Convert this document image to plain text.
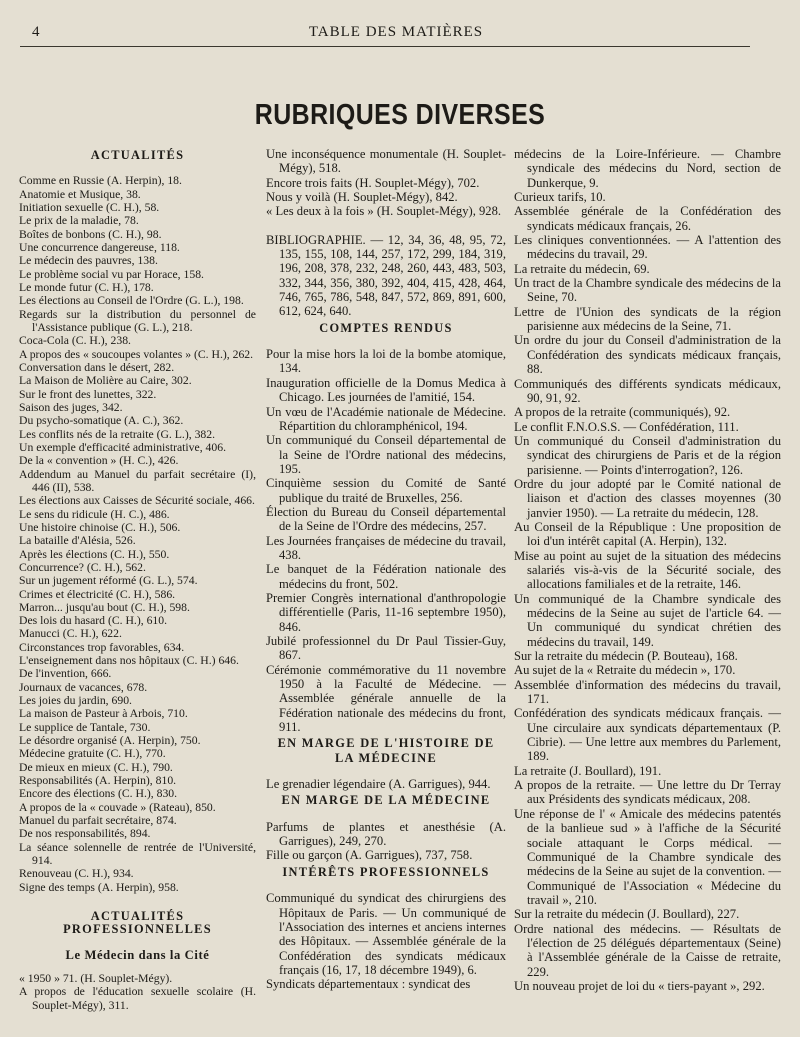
4	TABLE DES MATIÈRES
RUBRIQUES DIVERSES
ACTUALITÉS
Comme en Russie (A. Herpin), 18.
Anatomie et Musique, 38.
Initiation sexuelle (C. H.), 58.
Le prix de la maladie, 78.
Boîtes de bonbons (C. H.), 98.
Une concurrence dangereuse, 118.
Le médecin des pauvres, 138.
Le problème social vu par Horace, 158.
Le monde futur (C. H.), 178.
Les élections au Conseil de l'Ordre (G. L.), 198.
Regards sur la distribution du personnel de l'Assistance publique (G. L.), 218.
Coca-Cola (C. H.), 238.
A propos des « soucoupes volantes » (C. H.), 262.
Conversation dans le désert, 282.
La Maison de Molière au Caire, 302.
Sur le front des lunettes, 322.
Saison des juges, 342.
Du psycho-somatique (A. C.), 362.
Les conflits nés de la retraite (G. L.), 382.
Un exemple d'efficacité administrative, 406.
De la « convention » (H. C.), 426.
Addendum au Manuel du parfait secrétaire (I), 446 (II), 538.
Les élections aux Caisses de Sécurité sociale, 466.
Le sens du ridicule (H. C.), 486.
Une histoire chinoise (C. H.), 506.
La bataille d'Alésia, 526.
Après les élections (C. H.), 550.
Concurrence? (C. H.), 562.
Sur un jugement réformé (G. L.), 574.
Crimes et électricité (C. H.), 586.
Marron... jusqu'au bout (C. H.), 598.
Des lois du hasard (C. H.), 610.
Manucci (C. H.), 622.
Circonstances trop favorables, 634.
L'enseignement dans nos hôpitaux (C. H.) 646.
De l'invention, 666.
Journaux de vacances, 678.
Les joies du jardin, 690.
La maison de Pasteur à Arbois, 710.
Le supplice de Tantale, 730.
Le désordre organisé (A. Herpin), 750.
Médecine gratuite (C. H.), 770.
De mieux en mieux (C. H.), 790.
Responsabilités (A. Herpin), 810.
Encore des élections (C. H.), 830.
A propos de la « couvade » (Rateau), 850.
Manuel du parfait secrétaire, 874.
De nos responsabilités, 894.
La séance solennelle de rentrée de l'Université, 914.
Renouveau (C. H.), 934.
Signe des temps (A. Herpin), 958.
ACTUALITÉS PROFESSIONNELLES
Le Médecin dans la Cité
« 1950 » 71. (H. Souplet-Mégy).
A propos de l'éducation sexuelle scolaire (H. Souplet-Mégy), 311.
Une inconséquence monumentale (H. Souplet-Mégy), 518.
Encore trois faits (H. Souplet-Mégy), 702.
Nous y voilà (H. Souplet-Mégy), 842.
« Les deux à la fois » (H. Souplet-Mégy), 928.
BIBLIOGRAPHIE. — 12, 34, 36, 48, 95, 72, 135, 155, 108, 144, 257, 172, 299, 184, 319, 196, 208, 378, 232, 248, 260, 443, 483, 503, 332, 344, 356, 380, 392, 404, 415, 428, 464, 746, 765, 786, 548, 847, 572, 869, 891, 600, 612, 624, 640.
COMPTES RENDUS
Pour la mise hors la loi de la bombe atomique, 134.
Inauguration officielle de la Domus Medica à Chicago. Les journées de l'amitié, 154.
Un vœu de l'Académie nationale de Médecine. Répartition du chloramphénicol, 194.
Un communiqué du Conseil départemental de la Seine de l'Ordre national des médecins, 195.
Cinquième session du Comité de Santé publique du traité de Bruxelles, 256.
Élection du Bureau du Conseil départemental de la Seine de l'Ordre des médecins, 257.
Les Journées françaises de médecine du travail, 438.
Le banquet de la Fédération nationale des médecins du front, 502.
Premier Congrès international d'anthropologie différentielle (Paris, 11-16 septembre 1950), 846.
Jubilé professionnel du Dr Paul Tissier-Guy, 867.
Cérémonie commémorative du 11 novembre 1950 à la Faculté de Médecine. — Assemblée générale annuelle de la Fédération nationale des médecins du front, 911.
EN MARGE DE L'HISTOIRE DE LA MÉDECINE
Le grenadier légendaire (A. Garrigues), 944.
EN MARGE DE LA MÉDECINE
Parfums de plantes et anesthésie (A. Garrigues), 249, 270.
Fille ou garçon (A. Garrigues), 737, 758.
INTÉRÊTS PROFESSIONNELS
Communiqué du syndicat des chirurgiens des Hôpitaux de Paris. — Un communiqué de l'Association des internes et anciens internes des Hôpitaux. — Assemblée générale de la Confédération des syndicats médicaux français (16, 17, 18 décembre 1949), 6.
Syndicats départementaux : syndicat des
médecins de la Loire-Inférieure. — Chambre syndicale des médecins du Nord, section de Dunkerque, 9.
Curieux tarifs, 10.
Assemblée générale de la Confédération des syndicats médicaux français, 26.
Les cliniques conventionnées. — A l'attention des médecins du travail, 29.
La retraite du médecin, 69.
Un tract de la Chambre syndicale des médecins de la Seine, 70.
Lettre de l'Union des syndicats de la région parisienne aux médecins de la Seine, 71.
Un ordre du jour du Conseil d'administration de la Confédération des syndicats médicaux français, 88.
Communiqués des différents syndicats médicaux, 90, 91, 92.
A propos de la retraite (communiqués), 92.
Le conflit F.N.O.S.S. — Confédération, 111.
Un communiqué du Conseil d'administration du syndicat des chirurgiens de Paris et de la région parisienne. — Points d'interrogation?, 126.
Ordre du jour adopté par le Comité national de liaison et d'action des classes moyennes (30 janvier 1950). — La retraite du médecin, 128.
Au Conseil de la République : Une proposition de loi d'un intérêt capital (A. Herpin), 132.
Mise au point au sujet de la situation des médecins salariés vis-à-vis de la Sécurité sociale, des allocations familiales et de la retraite, 146.
Un communiqué de la Chambre syndicale des médecins de la Seine au sujet de l'article 64. — Un communiqué du syndicat chrétien des médecins du travail, 149.
Sur la retraite du médecin (P. Bouteau), 168.
Au sujet de la « Retraite du médecin », 170.
Assemblée d'information des médecins du travail, 171.
Confédération des syndicats médicaux français. — Une circulaire aux syndicats départementaux (P. Cibrie). — Une lettre aux membres du Parlement, 189.
La retraite (J. Boullard), 191.
A propos de la retraite. — Une lettre du Dr Terray aux Présidents des syndicats médicaux, 208.
Une réponse de l' « Amicale des médecins patentés de la banlieue sud » à l'affiche de la Sécurité sociale attaquant le Corps médical. — Communiqué de la Chambre syndicale des médecins de la Seine au sujet de la convention. — Communiqué de l'Association « Médecine du travail », 210.
Sur la retraite du médecin (J. Boullard), 227.
Ordre national des médecins. — Résultats de l'élection de 25 délégués départementaux (Seine) à l'Assemblée générale de la Caisse de retraite, 229.
Un nouveau projet de loi du « tiers-payant », 292.
